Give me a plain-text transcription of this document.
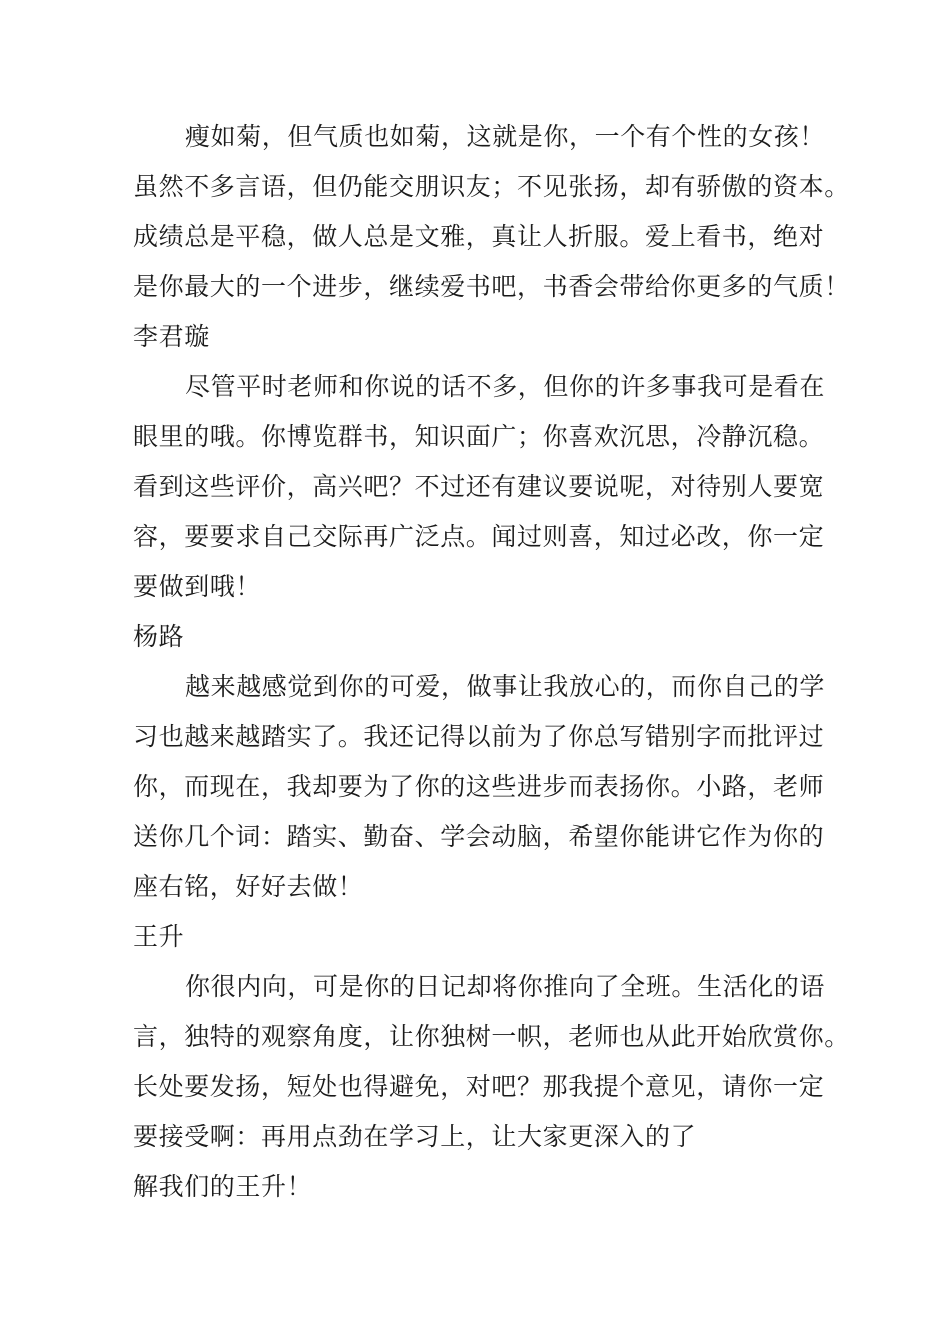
瘦如菊，但气质也如菊，这就是你，一个有个性的女孩！
虽然不多言语，但仍能交朋识友；不见张扬，却有骄傲的资本。
成绩总是平稳，做人总是文雅，真让人折服。爱上看书，绝对
是你最大的一个进步，继续爱书吧，书香会带给你更多的气质！
李君璇
尽管平时老师和你说的话不多，但你的许多事我可是看在
眼里的哦。你博览群书，知识面广；你喜欢沉思，冷静沉稳。
看到这些评价，高兴吧？不过还有建议要说呢，对待别人要宽
容，要要求自己交际再广泛点。闻过则喜，知过必改，你一定
要做到哦！
杨路
越来越感觉到你的可爱，做事让我放心的，而你自己的学
习也越来越踏实了。我还记得以前为了你总写错别字而批评过
你，而现在，我却要为了你的这些进步而表扬你。小路，老师
送你几个词：踏实、勤奋、学会动脑，希望你能讲它作为你的
座右铭，好好去做！
王升
你很内向，可是你的日记却将你推向了全班。生活化的语
言，独特的观察角度，让你独树一帜，老师也从此开始欣赏你。
长处要发扬，短处也得避免，对吧？那我提个意见，请你一定
要接受啊：再用点劲在学习上，让大家更深入的了
解我们的王升！
